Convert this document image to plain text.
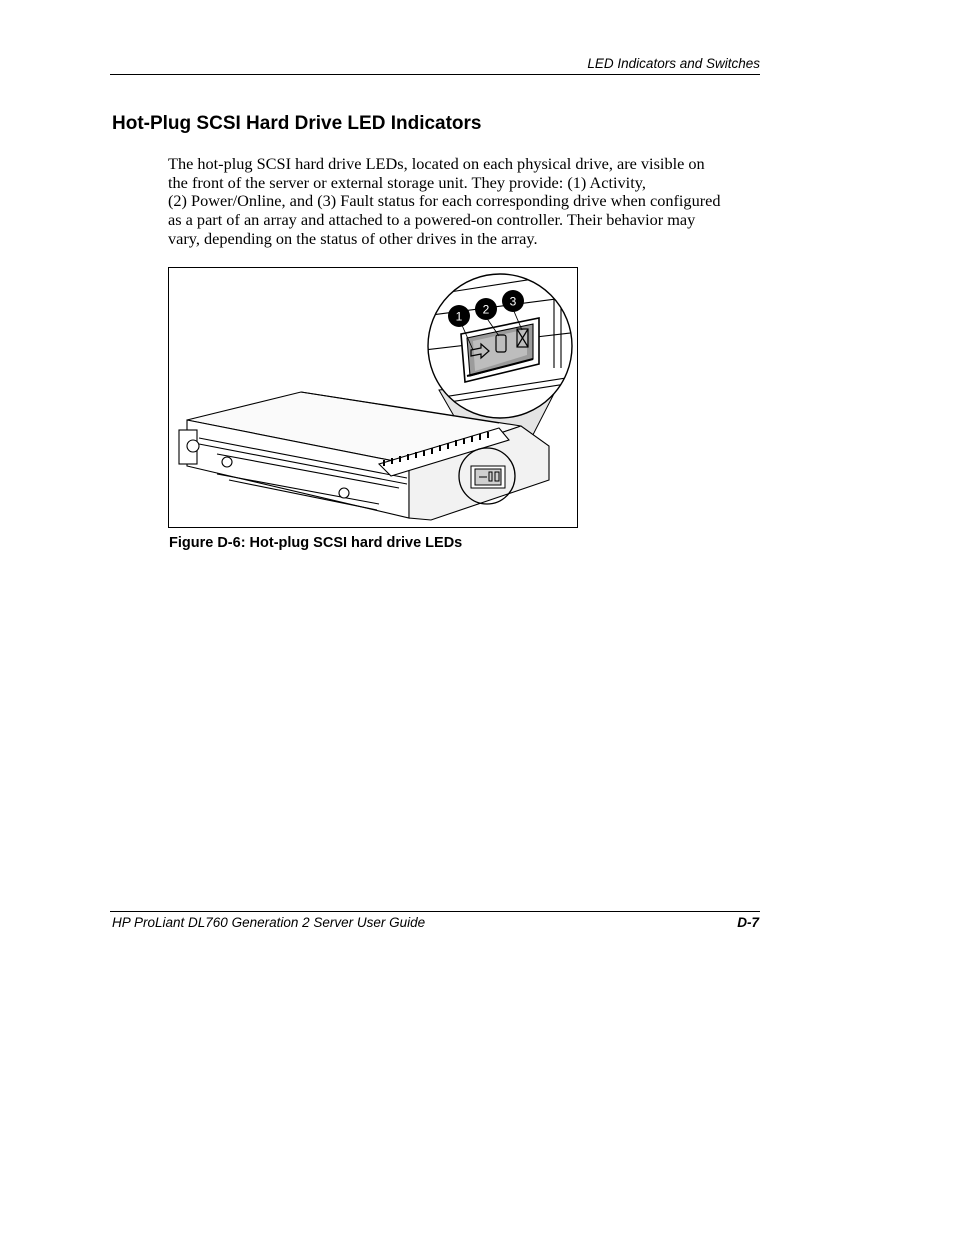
LED Indicators and Switches
Hot-Plug SCSI Hard Drive LED Indicators
The hot-plug SCSI hard drive LEDs, located on each physical drive, are visible on
the front of the server or external storage unit. They provide: (1) Activity,
(2) Power/Online, and (3) Fault status for each corresponding drive when configured
as a part of an array and attached to a powered-on controller. Their behavior may
vary, depending on the status of other drives in the array.
1 2
3
Figure D-6: Hot-plug SCSI hard drive LEDs
HP ProLiant DL760 Generation 2 Server User Guide	D-7
